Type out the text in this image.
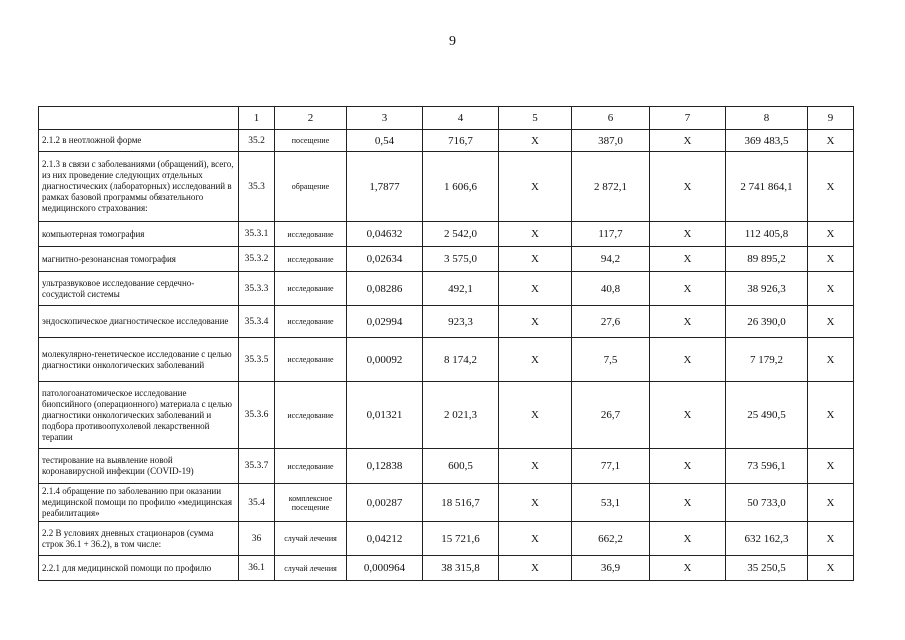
9
	1	2	3	4	5	6	7	8	9
2.1.2 в неотложной форме	35.2	посещение	0,54	716,7	X	387,0	X	369 483,5	X
2.1.3 в связи с заболеваниями (обращений), всего, из них проведение следующих отдельных диагностических (лабораторных) исследований в рамках базовой программы обязательного медицинского страхования:	35.3	обращение	1,7877	1 606,6	X	2 872,1	X	2 741 864,1	X
компьютерная томография	35.3.1	исследование	0,04632	2 542,0	X	117,7	X	112 405,8	X
магнитно-резонансная томография	35.3.2	исследование	0,02634	3 575,0	X	94,2	X	89 895,2	X
ультразвуковое исследование сердечно-сосудистой системы	35.3.3	исследование	0,08286	492,1	X	40,8	X	38 926,3	X
эндоскопическое диагностическое исследование	35.3.4	исследование	0,02994	923,3	X	27,6	X	26 390,0	X
молекулярно-генетическое исследование с целью диагностики онкологических заболеваний	35.3.5	исследование	0,00092	8 174,2	X	7,5	X	7 179,2	X
патологоанатомическое исследование биопсийного (операционного) материала с целью диагностики онкологических заболеваний и подбора противоопухолевой лекарственной терапии	35.3.6	исследование	0,01321	2 021,3	X	26,7	X	25 490,5	X
тестирование на выявление новой коронавирусной инфекции (COVID-19)	35.3.7	исследование	0,12838	600,5	X	77,1	X	73 596,1	X
2.1.4 обращение по заболеванию при оказании медицинской помощи по профилю «медицинская реабилитация»	35.4	комплексное посещение	0,00287	18 516,7	X	53,1	X	50 733,0	X
2.2 В условиях дневных стационаров (сумма строк 36.1 + 36.2), в том числе:	36	случай лечения	0,04212	15 721,6	X	662,2	X	632 162,3	X
2.2.1 для медицинской помощи по профилю	36.1	случай лечения	0,000964	38 315,8	X	36,9	X	35 250,5	X
